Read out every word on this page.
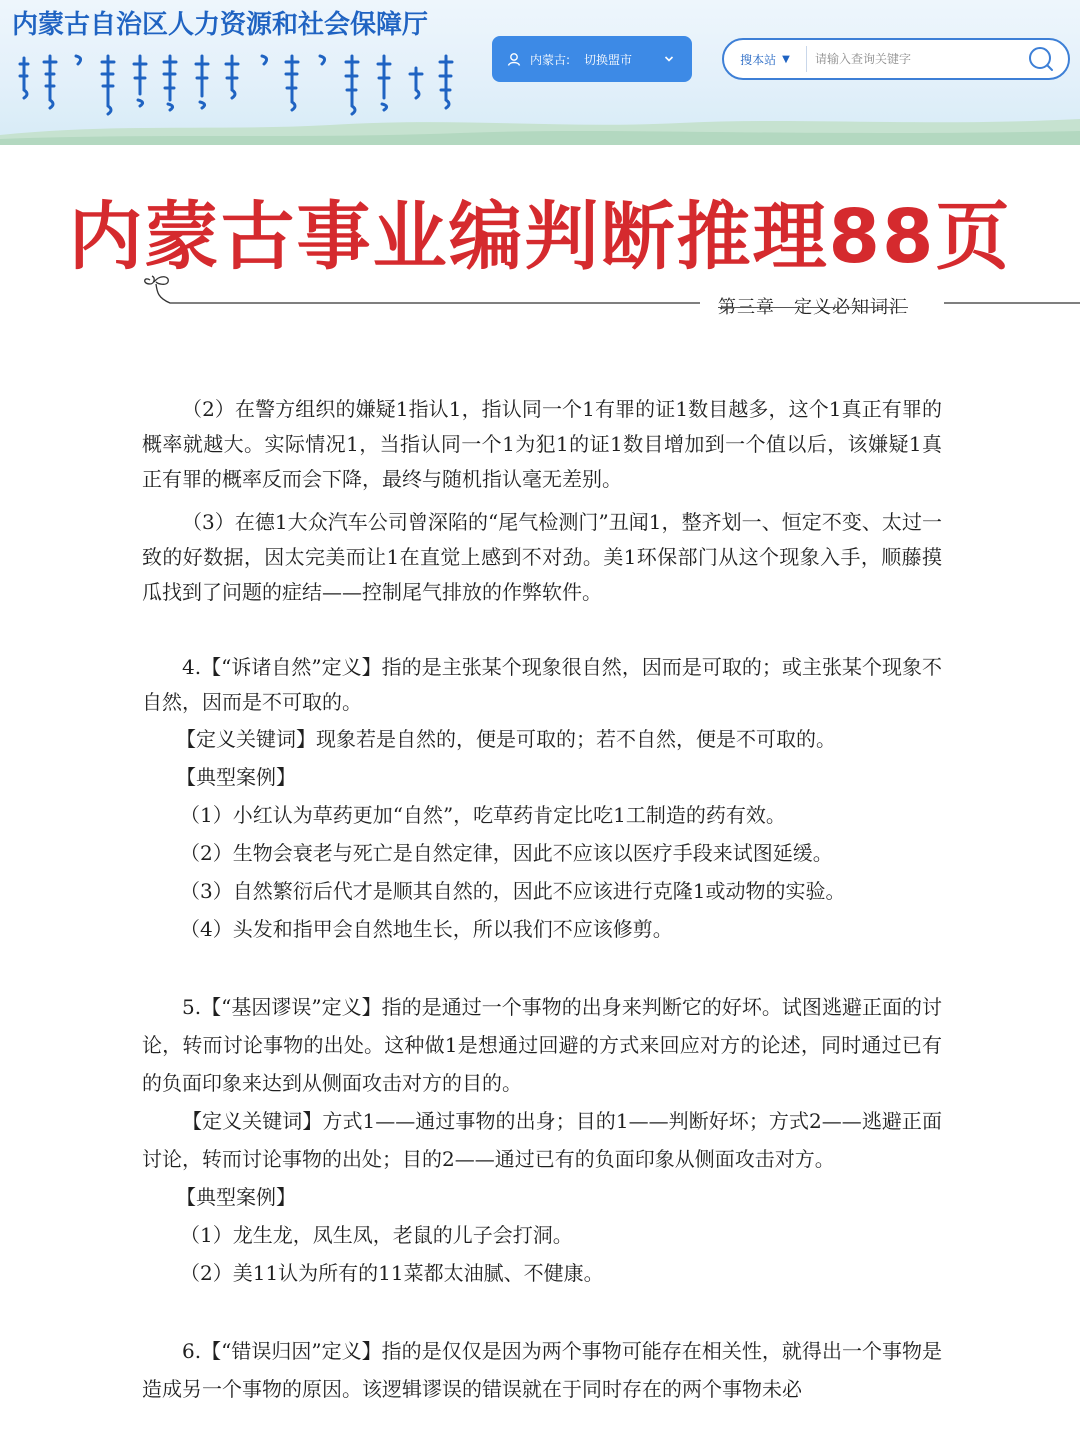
内蒙古自治区人力资源和社会保障厅
内蒙古: 切换盟市	搜本站 ▼
请输入查询关键字
内蒙古事业编判断推理88页
第三章　定义必知词汇

（2）在警方组织的嫌疑1指认1，指认同一个1有罪的证1数目越多，这个1真正有罪的概率就越大。实际情况1，当指认同一个1为犯1的证1数目增加到一个值以后，该嫌疑1真正有罪的概率反而会下降，最终与随机指认毫无差别。

（3）在德1大众汽车公司曾深陷的“尾气检测门”丑闻1，整齐划一、恒定不变、太过一致的好数据，因太完美而让1在直觉上感到不对劲。美1环保部门从这个现象入手，顺藤摸瓜找到了问题的症结——控制尾气排放的作弊软件。

4.【“诉诸自然”定义】指的是主张某个现象很自然，因而是可取的；或主张某个现象不自然，因而是不可取的。

【定义关键词】现象若是自然的，便是可取的；若不自然，便是不可取的。

【典型案例】

（1）小红认为草药更加“自然”，吃草药肯定比吃1工制造的药有效。

（2）生物会衰老与死亡是自然定律，因此不应该以医疗手段来试图延缓。

（3）自然繁衍后代才是顺其自然的，因此不应该进行克隆1或动物的实验。

（4）头发和指甲会自然地生长，所以我们不应该修剪。

5.【“基因谬误”定义】指的是通过一个事物的出身来判断它的好坏。试图逃避正面的讨论，转而讨论事物的出处。这种做1是想通过回避的方式来回应对方的论述，同时通过已有的负面印象来达到从侧面攻击对方的目的。

【定义关键词】方式1——通过事物的出身；目的1——判断好坏；方式2——逃避正面讨论，转而讨论事物的出处；目的2——通过已有的负面印象从侧面攻击对方。

【典型案例】

（1）龙生龙，凤生凤，老鼠的儿子会打洞。

（2）美11认为所有的11菜都太油腻、不健康。

6.【“错误归因”定义】指的是仅仅是因为两个事物可能存在相关性，就得出一个事物是造成另一个事物的原因。该逻辑谬误的错误就在于同时存在的两个事物未必
